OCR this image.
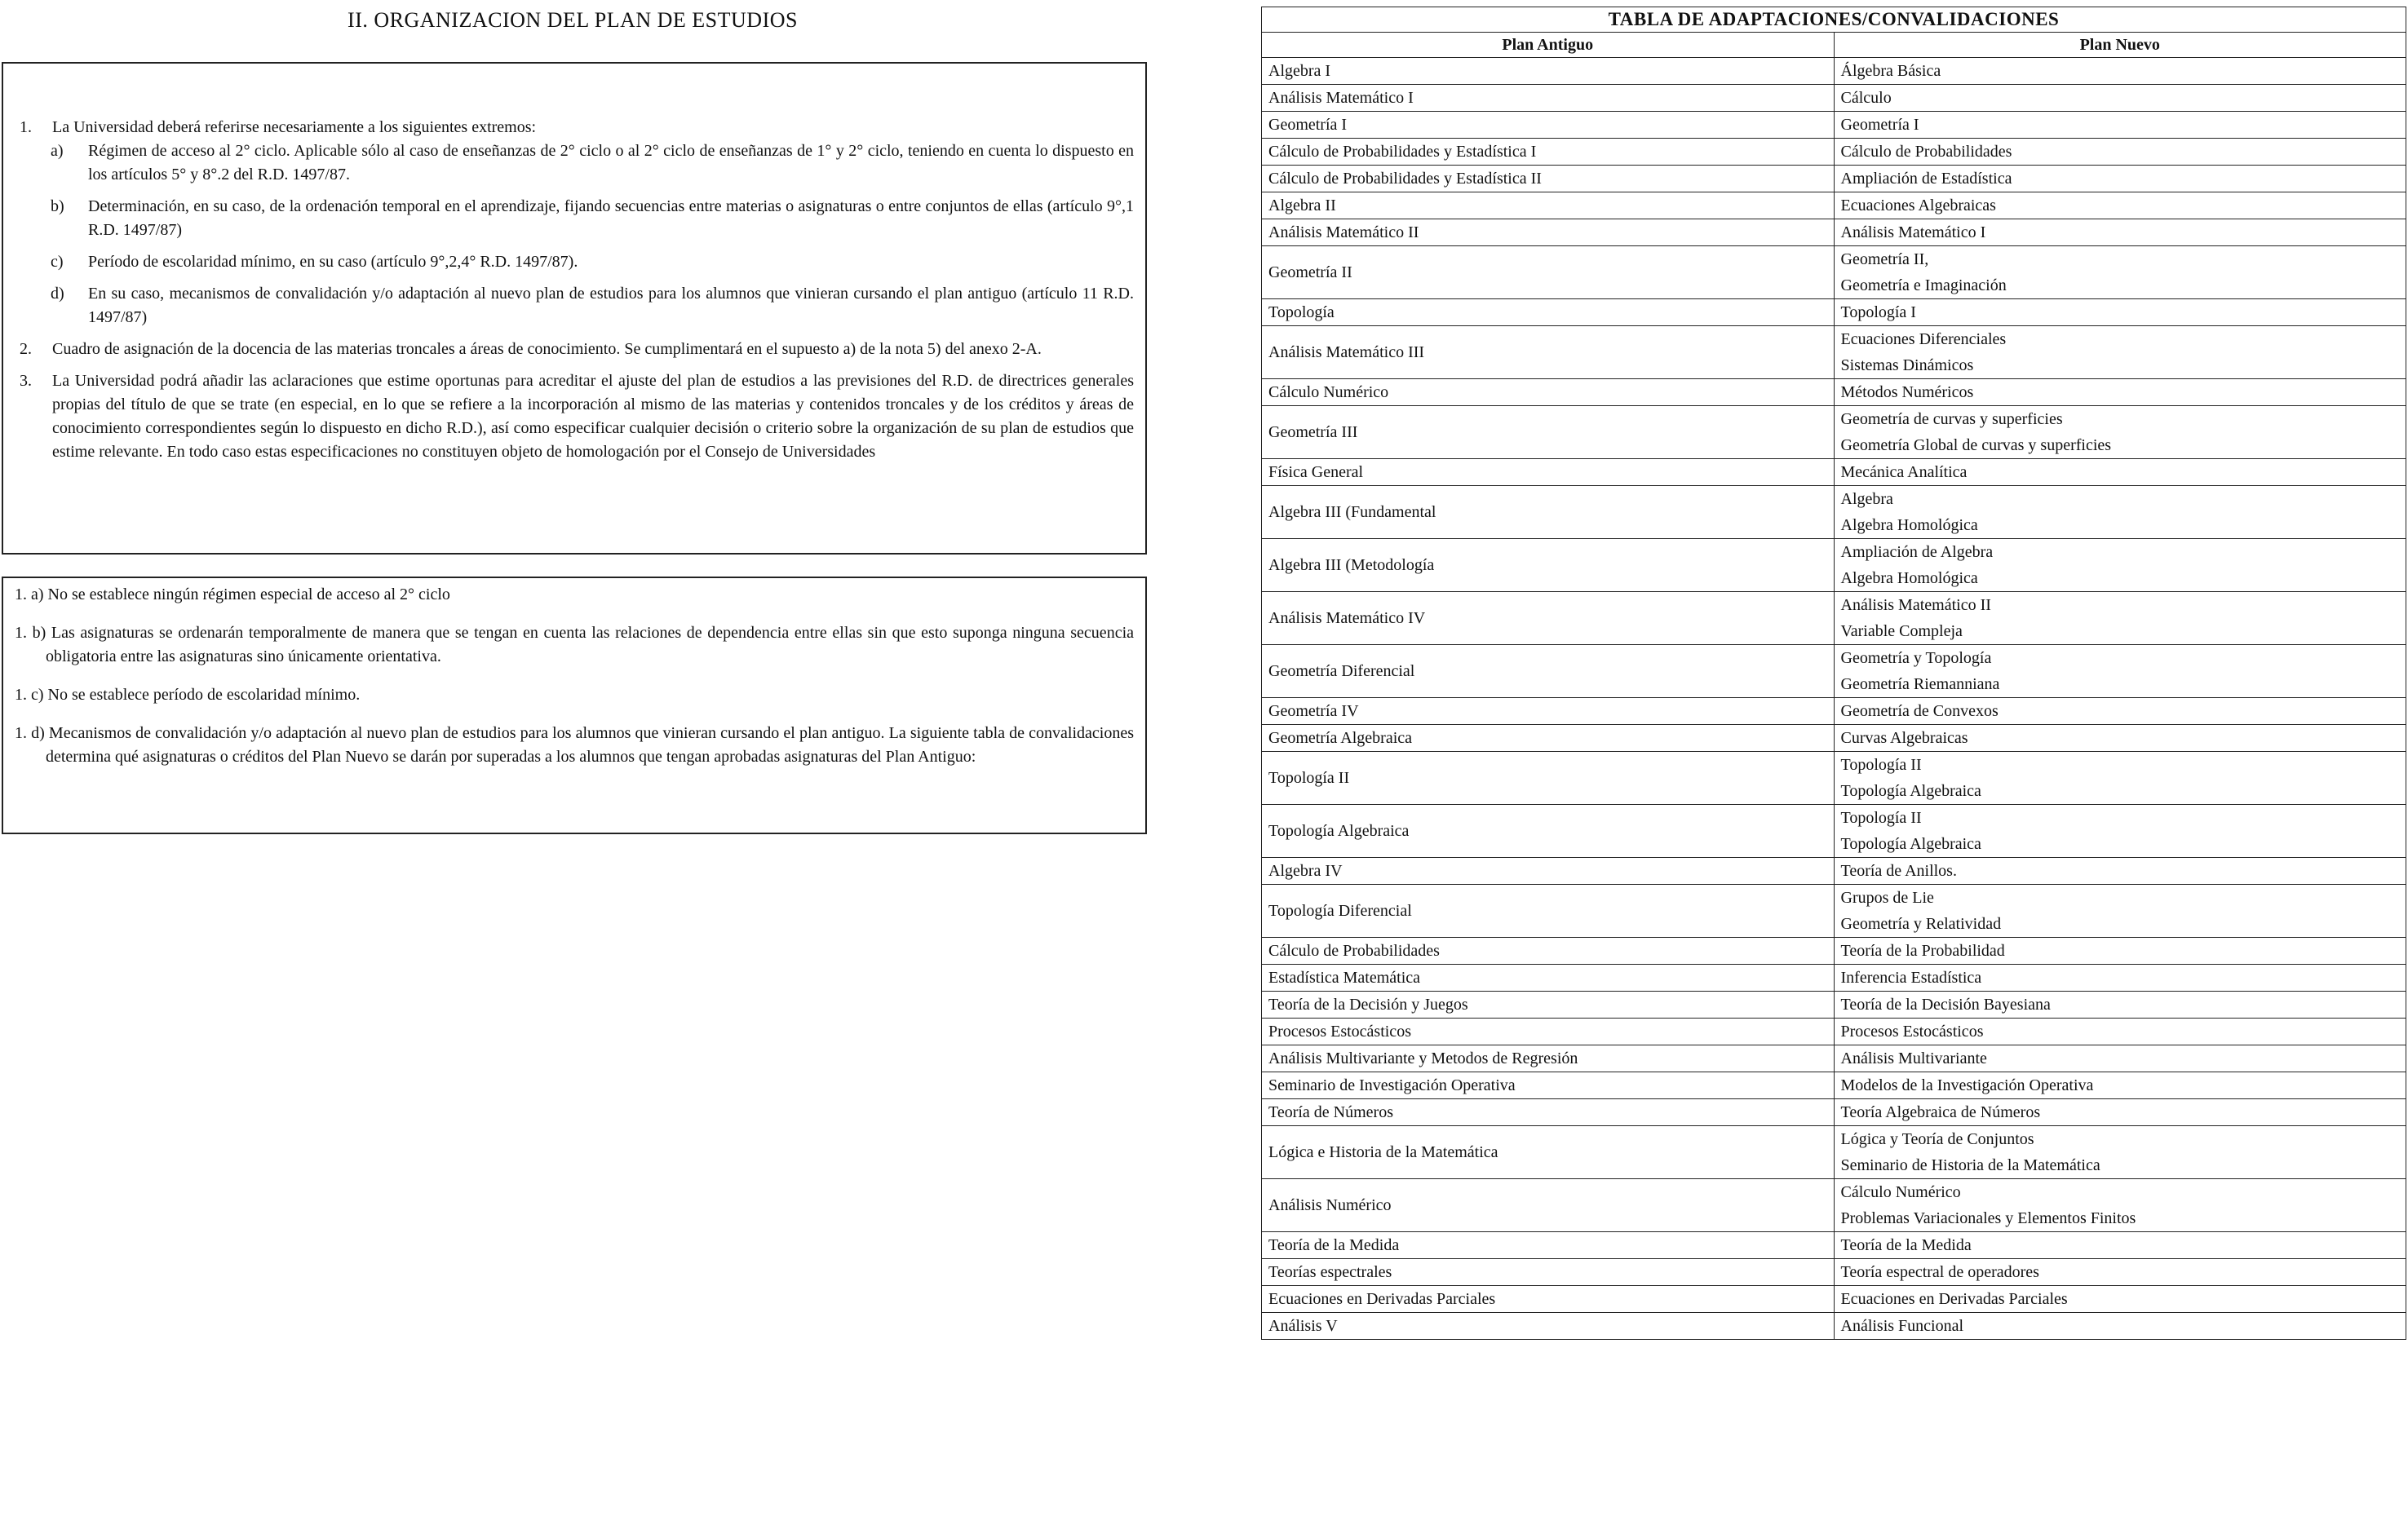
II. ORGANIZACION DEL PLAN DE ESTUDIOS
1. La Universidad deberá referirse necesariamente a los siguientes extremos:
a) Régimen de acceso al 2° ciclo. Aplicable sólo al caso de enseñanzas de 2° ciclo o al 2° ciclo de enseñanzas de 1° y 2° ciclo, teniendo en cuenta lo dispuesto en los artículos 5° y 8°.2 del R.D. 1497/87.
b) Determinación, en su caso, de la ordenación temporal en el aprendizaje, fijando secuencias entre materias o asignaturas o entre conjuntos de ellas (artículo 9°,1 R.D. 1497/87)
c) Período de escolaridad mínimo, en su caso (artículo 9°,2,4° R.D. 1497/87).
d) En su caso, mecanismos de convalidación y/o adaptación al nuevo plan de estudios para los alumnos que vinieran cursando el plan antiguo (artículo 11 R.D. 1497/87)
2. Cuadro de asignación de la docencia de las materias troncales a áreas de conocimiento. Se cumplimentará en el supuesto a) de la nota 5) del anexo 2-A.
3. La Universidad podrá añadir las aclaraciones que estime oportunas para acreditar el ajuste del plan de estudios a las previsiones del R.D. de directrices generales propias del título de que se trate (en especial, en lo que se refiere a la incorporación al mismo de las materias y contenidos troncales y de los créditos y áreas de conocimiento correspondientes según lo dispuesto en dicho R.D.), así como especificar cualquier decisión o criterio sobre la organización de su plan de estudios que estime relevante. En todo caso estas especificaciones no constituyen objeto de homologación por el Consejo de Universidades
1. a) No se establece ningún régimen especial de acceso al 2° ciclo
1. b) Las asignaturas se ordenarán temporalmente de manera que se tengan en cuenta las relaciones de dependencia entre ellas sin que esto suponga ninguna secuencia obligatoria entre las asignaturas sino únicamente orientativa.
1. c) No se establece período de escolaridad mínimo.
1. d) Mecanismos de convalidación y/o adaptación al nuevo plan de estudios para los alumnos que vinieran cursando el plan antiguo. La siguiente tabla de convalidaciones determina qué asignaturas o créditos del Plan Nuevo se darán por superadas a los alumnos que tengan aprobadas asignaturas del Plan Antiguo:
TABLA DE ADAPTACIONES/CONVALIDACIONES	
Plan Antiguo	Plan Nuevo
Algebra I	Álgebra Básica

Análisis Matemático I	Cálculo

Geometría I	Geometría I

Cálculo de Probabilidades y Estadística I	Cálculo de Probabilidades

Cálculo de Probabilidades y Estadística II	Ampliación de Estadística

Algebra II	Ecuaciones Algebraicas

Análisis Matemático II	Análisis Matemático I

Geometría II	Geometría II,
Geometría e Imaginación

Topología	Topología I

Análisis Matemático III	Ecuaciones Diferenciales
Sistemas Dinámicos

Cálculo Numérico	Métodos Numéricos

Geometría III	Geometría de curvas y superficies
Geometría Global de curvas y superficies

Física General	Mecánica Analítica

Algebra III (Fundamental	Algebra
Algebra Homológica

Algebra III (Metodología	Ampliación de Algebra
Algebra Homológica

Análisis Matemático IV	Análisis Matemático II
Variable Compleja

Geometría Diferencial	Geometría y Topología
Geometría Riemanniana

Geometría IV	Geometría de Convexos

Geometría Algebraica	Curvas Algebraicas

Topología II	Topología II
Topología Algebraica

Topología Algebraica	Topología II
Topología Algebraica

Algebra IV	Teoría de Anillos.

Topología Diferencial	Grupos de Lie
Geometría y Relatividad

Cálculo de Probabilidades	Teoría de la Probabilidad

Estadística Matemática	Inferencia Estadística

Teoría de la Decisión y Juegos	Teoría de la Decisión Bayesiana

Procesos Estocásticos	Procesos Estocásticos

Análisis Multivariante y Metodos de Regresión	Análisis Multivariante

Seminario de Investigación Operativa	Modelos de la Investigación Operativa

Teoría de Números	Teoría Algebraica de Números

Lógica e Historia de la Matemática	Lógica y Teoría de Conjuntos
Seminario de Historia de la Matemática

Análisis Numérico	Cálculo Numérico
Problemas Variacionales y Elementos Finitos

Teoría de la Medida	Teoría de la Medida

Teorías espectrales	Teoría espectral de operadores

Ecuaciones en Derivadas Parciales	Ecuaciones en Derivadas Parciales

Análisis V	Análisis Funcional
